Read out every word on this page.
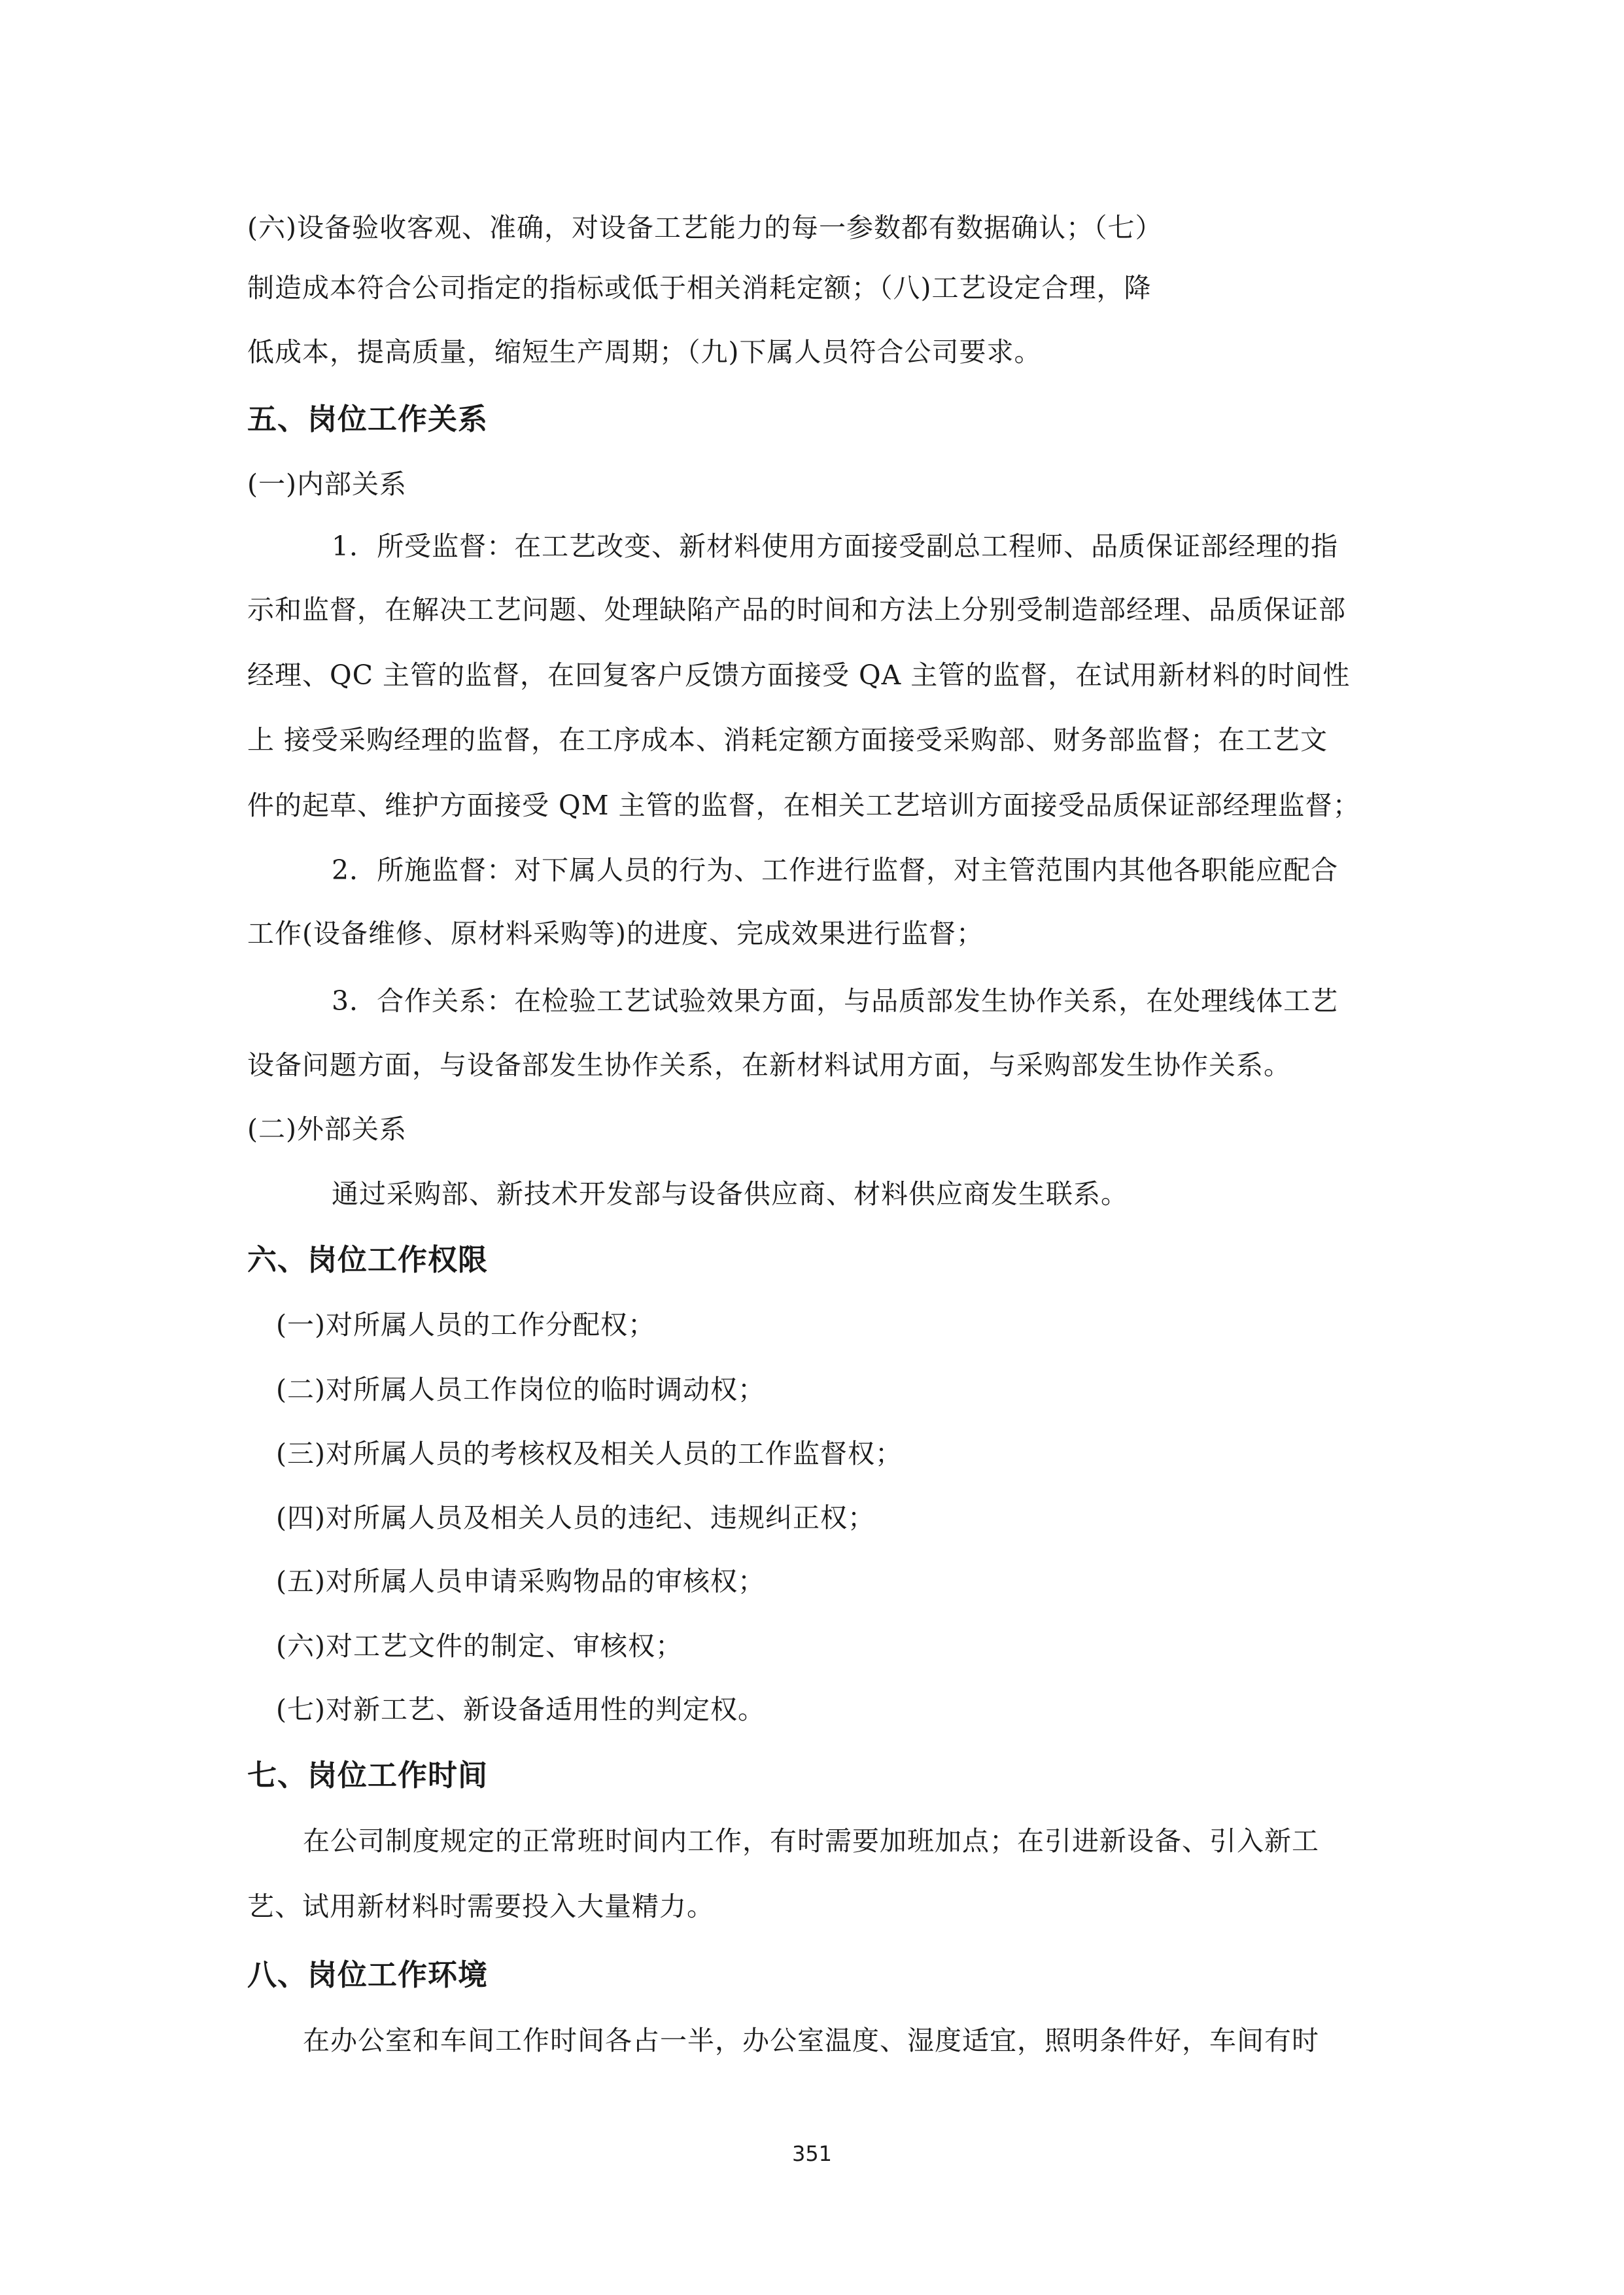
(六)设备验收客观、准确，对设备工艺能力的每一参数都有数据确认；（七）
制造成本符合公司指定的指标或低于相关消耗定额；（八)工艺设定合理，降
低成本，提高质量，缩短生产周期；（九)下属人员符合公司要求。
五、岗位工作关系
(一)内部关系
1．所受监督：在工艺改变、新材料使用方面接受副总工程师、品质保证部经理的指
示和监督，在解决工艺问题、处理缺陷产品的时间和方法上分别受制造部经理、品质保证部
经理、QC 主管的监督，在回复客户反馈方面接受 QA 主管的监督，在试用新材料的时间性
上 接受采购经理的监督，在工序成本、消耗定额方面接受采购部、财务部监督；在工艺文
件的起草、维护方面接受 QM 主管的监督，在相关工艺培训方面接受品质保证部经理监督；
2．所施监督：对下属人员的行为、工作进行监督，对主管范围内其他各职能应配合
工作(设备维修、原材料采购等)的进度、完成效果进行监督；
3．合作关系：在检验工艺试验效果方面，与品质部发生协作关系，在处理线体工艺
设备问题方面，与设备部发生协作关系，在新材料试用方面，与采购部发生协作关系。
(二)外部关系
通过采购部、新技术开发部与设备供应商、材料供应商发生联系。
六、岗位工作权限
(一)对所属人员的工作分配权；
(二)对所属人员工作岗位的临时调动权；
(三)对所属人员的考核权及相关人员的工作监督权；
(四)对所属人员及相关人员的违纪、违规纠正权；
(五)对所属人员申请采购物品的审核权；
(六)对工艺文件的制定、审核权；
(七)对新工艺、新设备适用性的判定权。
七、岗位工作时间
在公司制度规定的正常班时间内工作，有时需要加班加点；在引进新设备、引入新工
艺、试用新材料时需要投入大量精力。
八、岗位工作环境
在办公室和车间工作时间各占一半，办公室温度、湿度适宜，照明条件好，车间有时
351
